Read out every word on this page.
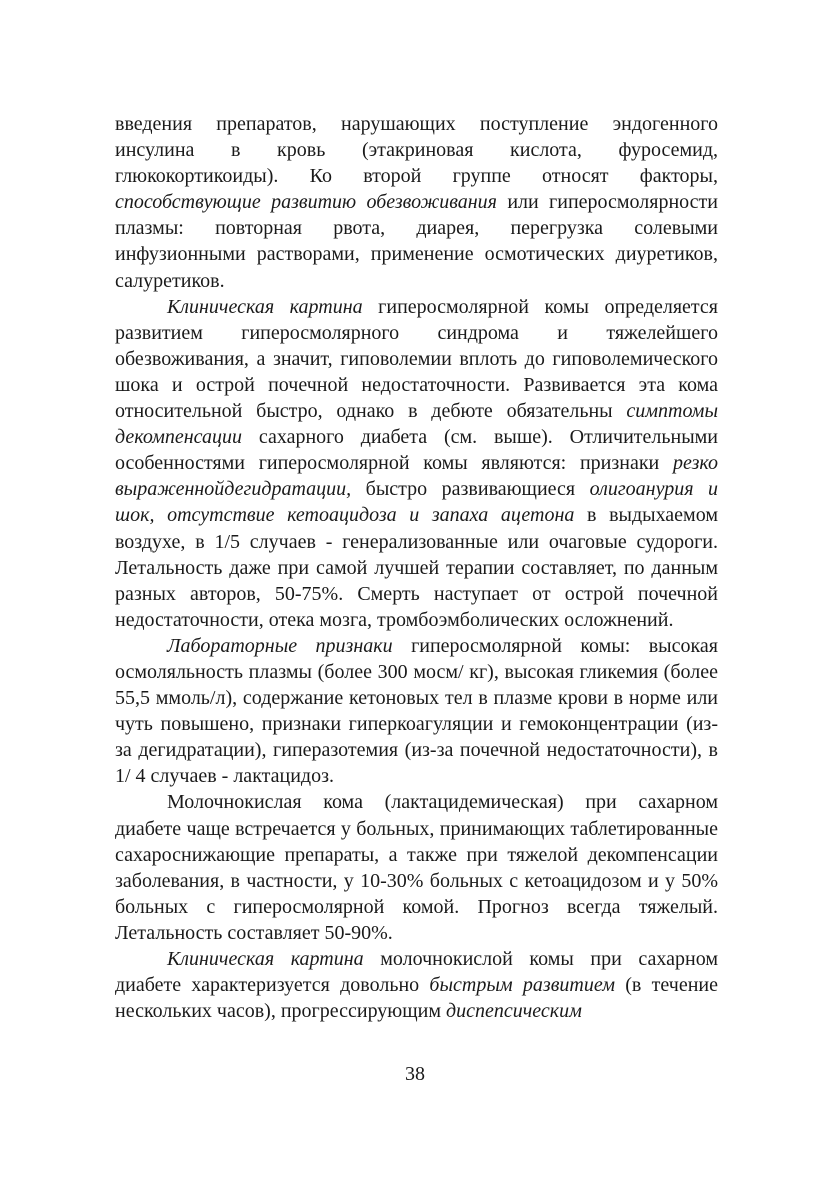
введения препаратов, нарушающих поступление эндогенного инсулина в кровь (этакриновая кислота, фуросемид, глюкокортикоиды). Ко второй группе относят факторы, способствующие развитию обезвоживания или гиперосмолярности плазмы: повторная рвота, диарея, перегрузка солевыми инфузионными растворами, применение осмотических диуретиков, салуретиков.

Клиническая картина гиперосмолярной комы определяется развитием гиперосмолярного синдрома и тяжелейшего обезвоживания, а значит, гиповолемии вплоть до гиповолемического шока и острой почечной недостаточности. Развивается эта кома относительной быстро, однако в дебюте обязательны симптомы декомпенсации сахарного диабета (см. выше). Отличительными особенностями гиперосмолярной комы являются: признаки резко выраженнойдегидратации, быстро развивающиеся олигоанурия и шок, отсутствие кетоацидоза и запаха ацетона в выдыхаемом воздухе, в 1/5 случаев - генерализованные или очаговые судороги. Летальность даже при самой лучшей терапии составляет, по данным разных авторов, 50-75%. Смерть наступает от острой почечной недостаточности, отека мозга, тромбоэмболических осложнений.

Лабораторные признаки гиперосмолярной комы: высокая осмоляльность плазмы (более 300 мосм/ кг), высокая гликемия (более 55,5 ммоль/л), содержание кетоновых тел в плазме крови в норме или чуть повышено, признаки гиперкоагуляции и гемоконцентрации (из-за дегидратации), гиперазотемия (из-за почечной недостаточности), в 1/ 4 случаев - лактацидоз.

Молочнокислая кома (лактацидемическая) при сахарном диабете чаще встречается у больных, принимающих таблетированные сахароснижающие препараты, а также при тяжелой декомпенсации заболевания, в частности, у 10-30% больных с кетоацидозом и у 50% больных с гиперосмолярной комой. Прогноз всегда тяжелый. Летальность составляет 50-90%.

Клиническая картина молочнокислой комы при сахарном диабете характеризуется довольно быстрым развитием (в течение нескольких часов), прогрессирующим диспепсическим

38
